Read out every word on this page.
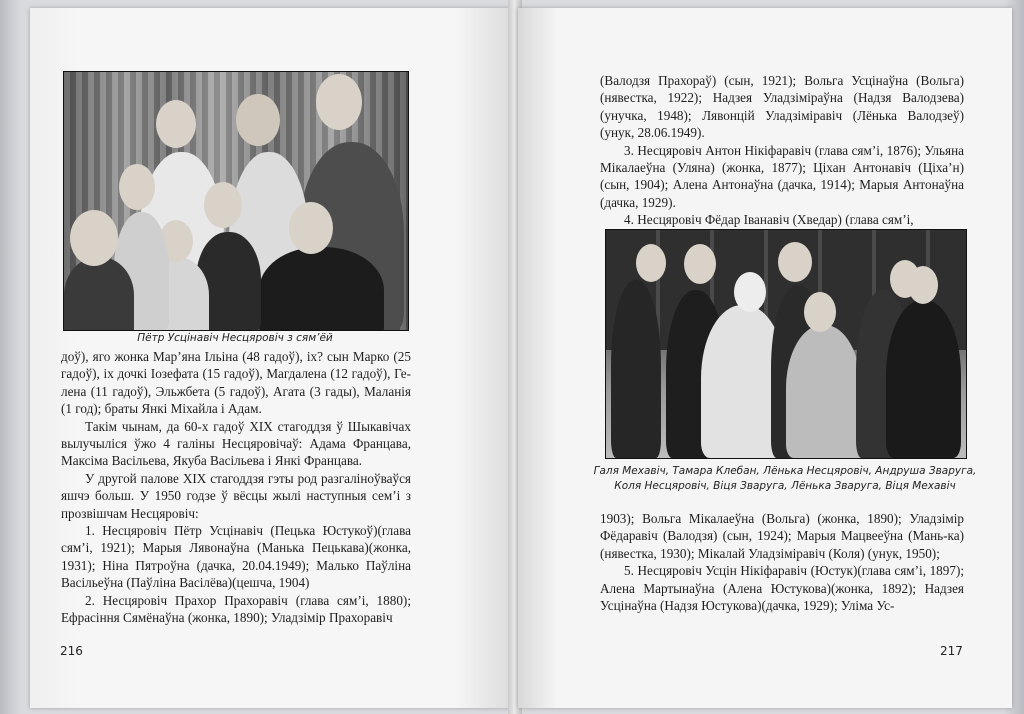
Пётр Усцінавіч Несцяровіч з сям’ёй

доў), яго жонка Мар’яна Ільіна (48 гадоў), іх? сын Марко (25 гадоў), іх дочкі Іозефата (15 гадоў), Магдалена (12 гадоў), Ге-лена (11 гадоў), Эльжбета (5 гадоў), Агата (3 гады), Маланія (1 год); браты Янкі Міхайла і Адам.

Такім чынам, да 60-х гадоў XIX стагоддзя ў Шыкавічах вылучыліся ўжо 4 галіны Несцяровічаў: Адама Францава, Максіма Васільева, Якуба Васільева і Янкі Францава.

У другой палове XIX стагоддзя гэты род разгаліноўваўся яшчэ больш. У 1950 годзе ў вёсцы жылі наступныя сем’і з прозвішчам Несцяровіч:

1. Несцяровіч Пётр Усцінавіч (Пецька Юстукоў)(глава сям’і, 1921); Марыя Лявонаўна (Манька Пецькава)(жонка, 1931); Ніна Пятроўна (дачка, 20.04.1949); Малько Паўліна Васільеўна (Паўліна Васілёва)(цешча, 1904)

2. Несцяровіч Прахор Прахоравіч (глава сям’і, 1880); Ефрасіння Сямёнаўна (жонка, 1890); Уладзімір Прахоравіч

216

(Валодзя Прахораў) (сын, 1921); Вольга Усцінаўна (Вольга) (нявестка, 1922); Надзея Уладзіміраўна (Надзя Валодзева) (унучка, 1948); Лявонцій Уладзіміравіч (Лёнька Валодзеў) (унук, 28.06.1949).

3. Несцяровіч Антон Нікіфаравіч (глава сям’і, 1876); Ульяна Мікалаеўна (Уляна) (жонка, 1877); Ціхан Антонавіч (Ціха’н) (сын, 1904); Алена Антонаўна (дачка, 1914); Марыя Антонаўна (дачка, 1929).

4. Несцяровіч Фёдар Іванавіч (Хведар) (глава сям’і,

Галя Мехавіч, Тамара Клебан, Лёнька Несцяровіч, Андруша Зваруга,
Коля Несцяровіч, Віця Зваруга, Лёнька Зваруга, Віця Мехавіч

1903); Вольга Мікалаеўна (Вольга) (жонка, 1890); Уладзімір Фёдаравіч (Валодзя) (сын, 1924); Марыя Мацвееўна (Мань-ка) (нявестка, 1930); Мікалай Уладзіміравіч (Коля) (унук, 1950);

5. Несцяровіч Усцін Нікіфаравіч (Юстук)(глава сям’і, 1897); Алена Мартынаўна (Алена Юстукова)(жонка, 1892); Надзея Усцінаўна (Надзя Юстукова)(дачка, 1929); Уліма Ус-

217
